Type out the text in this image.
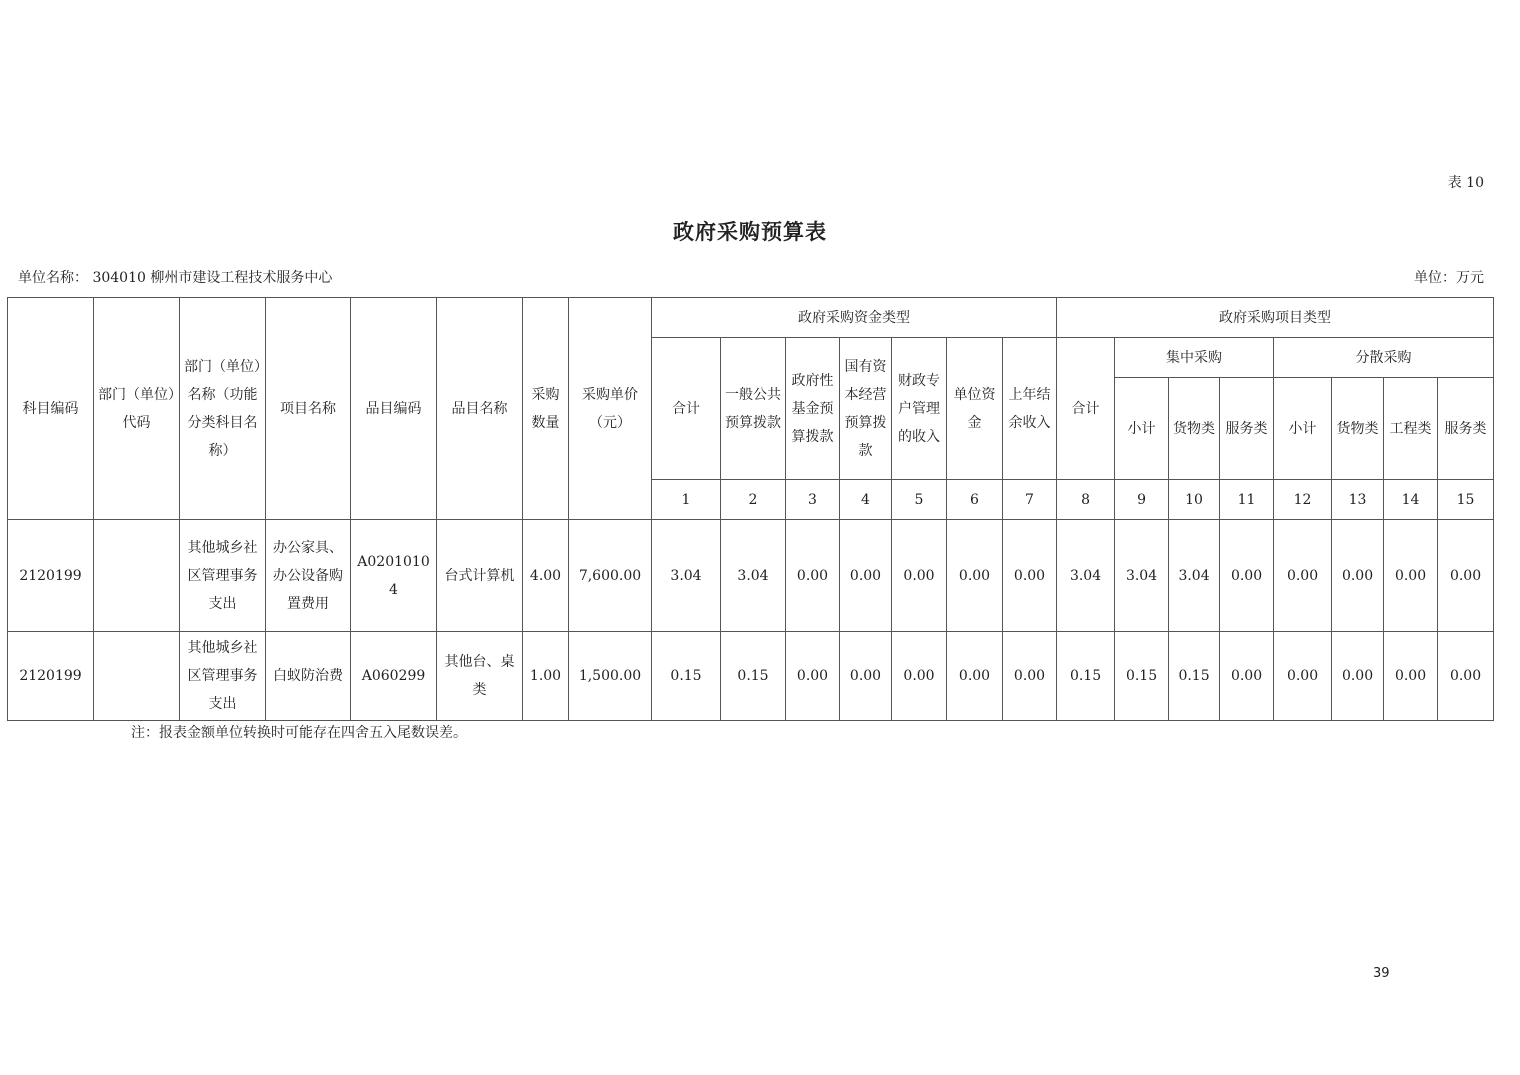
表 10
政府采购预算表
单位名称： 304010 柳州市建设工程技术服务中心	单位：万元
科目编码	部门（单位）代码	部门（单位）名称（功能分类科目名称）	项目名称	品目编码	品目名称	采购数量	采购单价（元）	政府采购资金类型							政府采购项目类型							
								合计	一般公共预算拨款	政府性基金预算拨款	国有资本经营预算拨款	财政专户管理的收入	单位资金	上年结余收入	合计	集中采购			分散采购			
																小计	货物类	服务类	小计	货物类	工程类	服务类
								1	2	3	4	5	6	7	8	9	10	11	12	13	14	15
2120199		其他城乡社区管理事务支出	办公家具、办公设备购置费用	A02010104	台式计算机	4.00	7,600.00	3.04	3.04	0.00	0.00	0.00	0.00	0.00	3.04	3.04	3.04	0.00	0.00	0.00	0.00	0.00
2120199		其他城乡社区管理事务支出	白蚁防治费	A060299	其他台、桌类	1.00	1,500.00	0.15	0.15	0.00	0.00	0.00	0.00	0.00	0.15	0.15	0.15	0.00	0.00	0.00	0.00	0.00
注：报表金额单位转换时可能存在四舍五入尾数误差。
39
